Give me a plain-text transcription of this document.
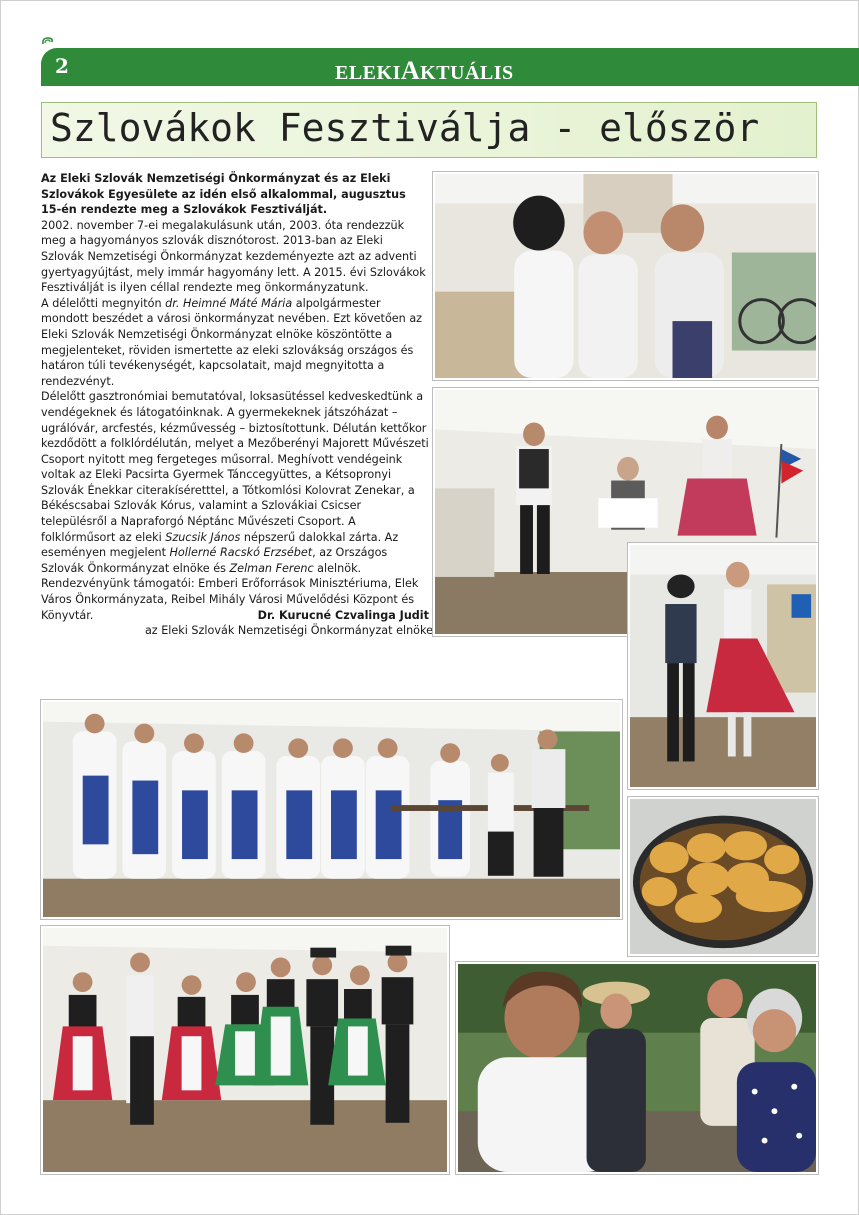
2	ELEKIAKTUÁLIS
Szlovákok Fesztiválja - először

Az Eleki Szlovák Nemzetiségi Önkormányzat és az Eleki Szlovákok Egyesülete az idén első alkalommal, augusztus 15-én rendezte meg a Szlovákok Fesztiválját.

2002. november 7-ei megalakulásunk után, 2003. óta rendezzük meg a hagyományos szlovák disznótorost. 2013-ban az Eleki Szlovák Nemzetiségi Önkormányzat kezdeményezte azt az adventi gyertyagyújtást, mely immár hagyomány lett. A 2015. évi Szlovákok Fesztiválját is ilyen céllal rendezte meg önkormányzatunk.

A délelőtti megnyitón dr. Heimné Máté Mária alpolgármester mondott beszédet a városi önkormányzat nevében. Ezt követően az Eleki Szlovák Nemzetiségi Önkormányzat elnöke köszöntötte a megjelenteket, röviden ismertette az eleki szlovákság országos és határon túli tevékenységét, kapcsolatait, majd megnyitotta a rendezvényt.

Délelőtt gasztronómiai bemutatóval, loksasütéssel kedveskedtünk a vendégeknek és látogatóinknak. A gyermekeknek játszóházat – ugrálóvár, arcfestés, kézművesség – biztosítottunk. Délután kettőkor kezdődött a folklórdélután, melyet a Mezőberényi Majorett Művészeti Csoport nyitott meg fergeteges műsorral. Meghívott vendégeink voltak az Eleki Pacsirta Gyermek Tánccegyüttes, a Kétsopronyi Szlovák Énekkar citerakíséretttel, a Tótkomlósi Kolovrat Zenekar, a Békéscsabai Szlovák Kórus, valamint a Szlovákiai Csicser településről a Napraforgó Néptánc Művészeti Csoport. A folklórműsort az eleki Szucsik János népszerű dalokkal zárta. Az eseményen megjelent Hollerné Racskó Erzsébet, az Országos Szlovák Önkormányzat elnöke és Zelman Ferenc alelnök.

Rendezvényünk támogatói: Emberi Erőforrások Minisztériuma, Elek Város Önkormányzata, Reibel Mihály Városi Művelődési Központ és Könyvtár.	Dr. Kurucné Czvalinga Judit

az Eleki Szlovák Nemzetiségi Önkormányzat elnöke
